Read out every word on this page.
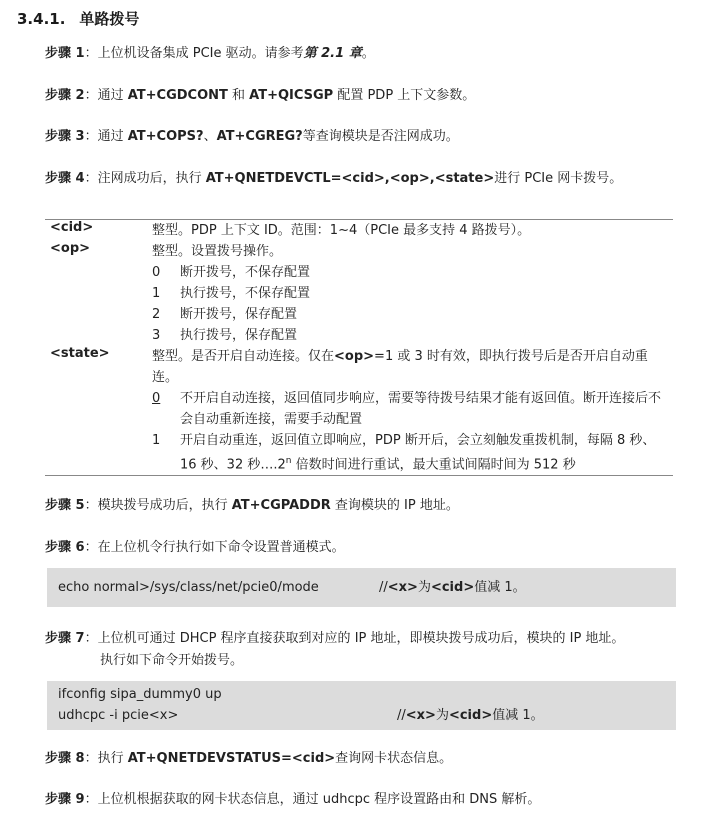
3.4.1. 单路拨号
步骤 1：上位机设备集成 PCIe 驱动。请参考第 2.1 章。
步骤 2：通过 AT+CGDCONT 和 AT+QICSGP 配置 PDP 上下文参数。
步骤 3：通过 AT+COPS?、AT+CGREG?等查询模块是否注网成功。
步骤 4：注网成功后，执行 AT+QNETDEVCTL=<cid>,<op>,<state>进行 PCIe 网卡拨号。
<cid>	整型。PDP 上下文 ID。范围：1~4（PCIe 最多支持 4 路拨号）。
<op>	整型。设置拨号操作。
0	断开拨号，不保存配置
1	执行拨号，不保存配置
2	断开拨号，保存配置
3	执行拨号，保存配置
<state>	整型。是否开启自动连接。仅在<op>=1 或 3 时有效，即执行拨号后是否开启自动重连。
0	不开启自动连接，返回值同步响应，需要等待拨号结果才能有返回值。断开连接后不会自动重新连接，需要手动配置
1	开启自动重连，返回值立即响应，PDP 断开后，会立刻触发重拨机制，每隔 8 秒、16 秒、32 秒….2$^n$ 倍数时间进行重试，最大重试间隔时间为 512 秒
步骤 5：模块拨号成功后，执行 AT+CGPADDR 查询模块的 IP 地址。
步骤 6：在上位机令行执行如下命令设置普通模式。
echo normal>/sys/class/net/pcie0/mode	//<x>为<cid>值减 1。
步骤 7：上位机可通过 DHCP 程序直接获取到对应的 IP 地址，即模块拨号成功后，模块的 IP 地址。
执行如下命令开始拨号。
ifconfig sipa_dummy0 up
udhcpc -i pcie<x>	//<x>为<cid>值减 1。
步骤 8：执行 AT+QNETDEVSTATUS=<cid>查询网卡状态信息。
步骤 9：上位机根据获取的网卡状态信息，通过 udhcpc 程序设置路由和 DNS 解析。
